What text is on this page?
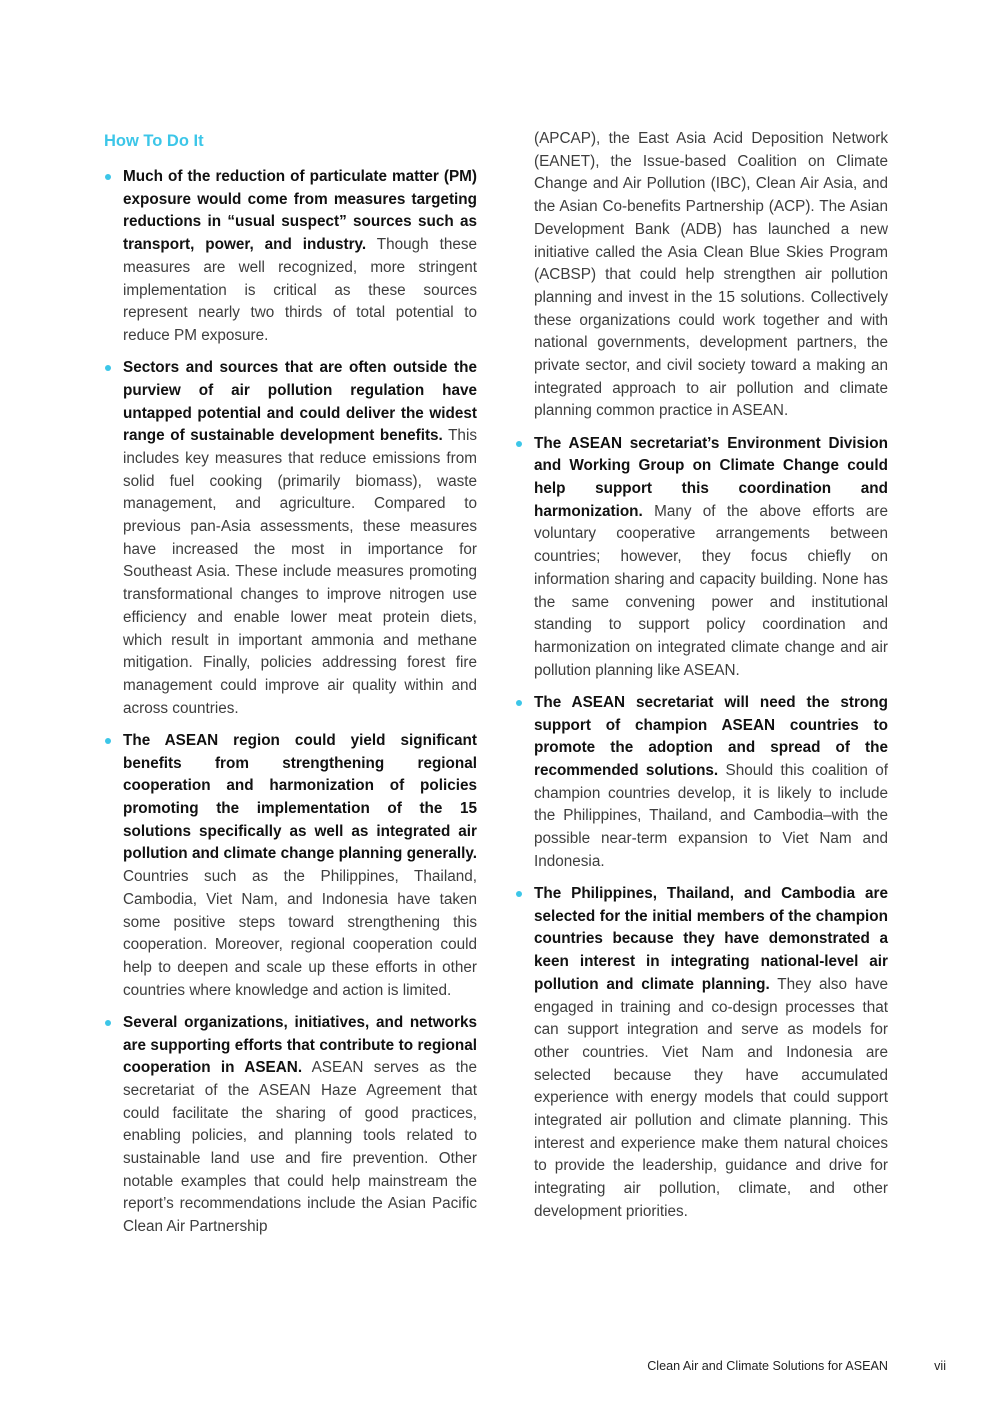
How To Do It
Much of the reduction of particulate matter (PM) exposure would come from measures targeting reductions in “usual suspect” sources such as transport, power, and industry. Though these measures are well recognized, more stringent implementation is critical as these sources represent nearly two thirds of total potential to reduce PM exposure.
Sectors and sources that are often outside the purview of air pollution regulation have untapped potential and could deliver the widest range of sustainable development benefits. This includes key measures that reduce emissions from solid fuel cooking (primarily biomass), waste management, and agriculture. Compared to previous pan-Asia assessments, these measures have increased the most in importance for Southeast Asia. These include measures promoting transformational changes to improve nitrogen use efficiency and enable lower meat protein diets, which result in important ammonia and methane mitigation. Finally, policies addressing forest fire management could improve air quality within and across countries.
The ASEAN region could yield significant benefits from strengthening regional cooperation and harmonization of policies promoting the implementation of the 15 solutions specifically as well as integrated air pollution and climate change planning generally. Countries such as the Philippines, Thailand, Cambodia, Viet Nam, and Indonesia have taken some positive steps toward strengthening this cooperation. Moreover, regional cooperation could help to deepen and scale up these efforts in other countries where knowledge and action is limited.
Several organizations, initiatives, and networks are supporting efforts that contribute to regional cooperation in ASEAN. ASEAN serves as the secretariat of the ASEAN Haze Agreement that could facilitate the sharing of good practices, enabling policies, and planning tools related to sustainable land use and fire prevention. Other notable examples that could help mainstream the report’s recommendations include the Asian Pacific Clean Air Partnership
(APCAP), the East Asia Acid Deposition Network (EANET), the Issue-based Coalition on Climate Change and Air Pollution (IBC), Clean Air Asia, and the Asian Co-benefits Partnership (ACP). The Asian Development Bank (ADB) has launched a new initiative called the Asia Clean Blue Skies Program (ACBSP) that could help strengthen air pollution planning and invest in the 15 solutions. Collectively these organizations could work together and with national governments, development partners, the private sector, and civil society toward a making an integrated approach to air pollution and climate planning common practice in ASEAN.
The ASEAN secretariat’s Environment Division and Working Group on Climate Change could help support this coordination and harmonization. Many of the above efforts are voluntary cooperative arrangements between countries; however, they focus chiefly on information sharing and capacity building. None has the same convening power and institutional standing to support policy coordination and harmonization on integrated climate change and air pollution planning like ASEAN.
The ASEAN secretariat will need the strong support of champion ASEAN countries to promote the adoption and spread of the recommended solutions. Should this coalition of champion countries develop, it is likely to include the Philippines, Thailand, and Cambodia–with the possible near-term expansion to Viet Nam and Indonesia.
The Philippines, Thailand, and Cambodia are selected for the initial members of the champion countries because they have demonstrated a keen interest in integrating national-level air pollution and climate planning. They also have engaged in training and co-design processes that can support integration and serve as models for other countries. Viet Nam and Indonesia are selected because they have accumulated experience with energy models that could support integrated air pollution and climate planning. This interest and experience make them natural choices to provide the leadership, guidance and drive for integrating air pollution, climate, and other development priorities.
Clean Air and Climate Solutions for ASEAN	vii
